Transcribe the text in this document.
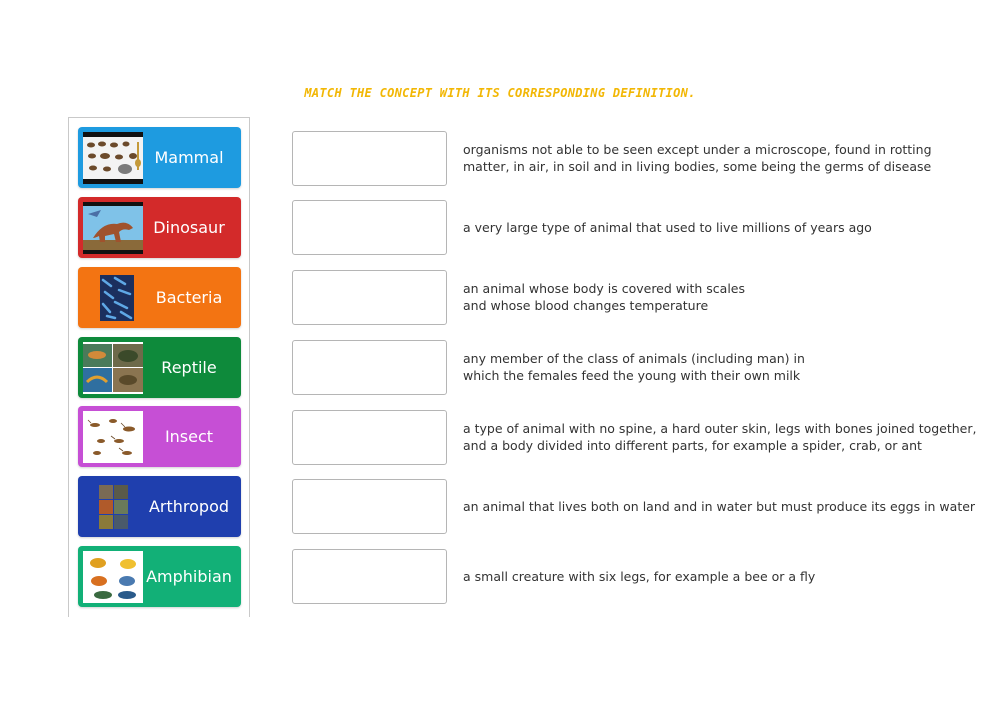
MATCH THE CONCEPT WITH ITS CORRESPONDING DEFINITION.
Mammal
Dinosaur
Bacteria
Reptile
Insect
Arthropod
Amphibian
organisms not able to be seen except under a microscope, found in rotting
matter, in air, in soil and in living bodies, some being the germs of disease
a very large type of animal that used to live millions of years ago
an animal whose body is covered with scales
and whose blood changes temperature
any member of the class of animals (including man) in
which the females feed the young with their own milk
a type of animal with no spine, a hard outer skin, legs with bones joined together,
and a body divided into different parts, for example a spider, crab, or ant
an animal that lives both on land and in water but must produce its eggs in water
a small creature with six legs, for example a bee or a fly
